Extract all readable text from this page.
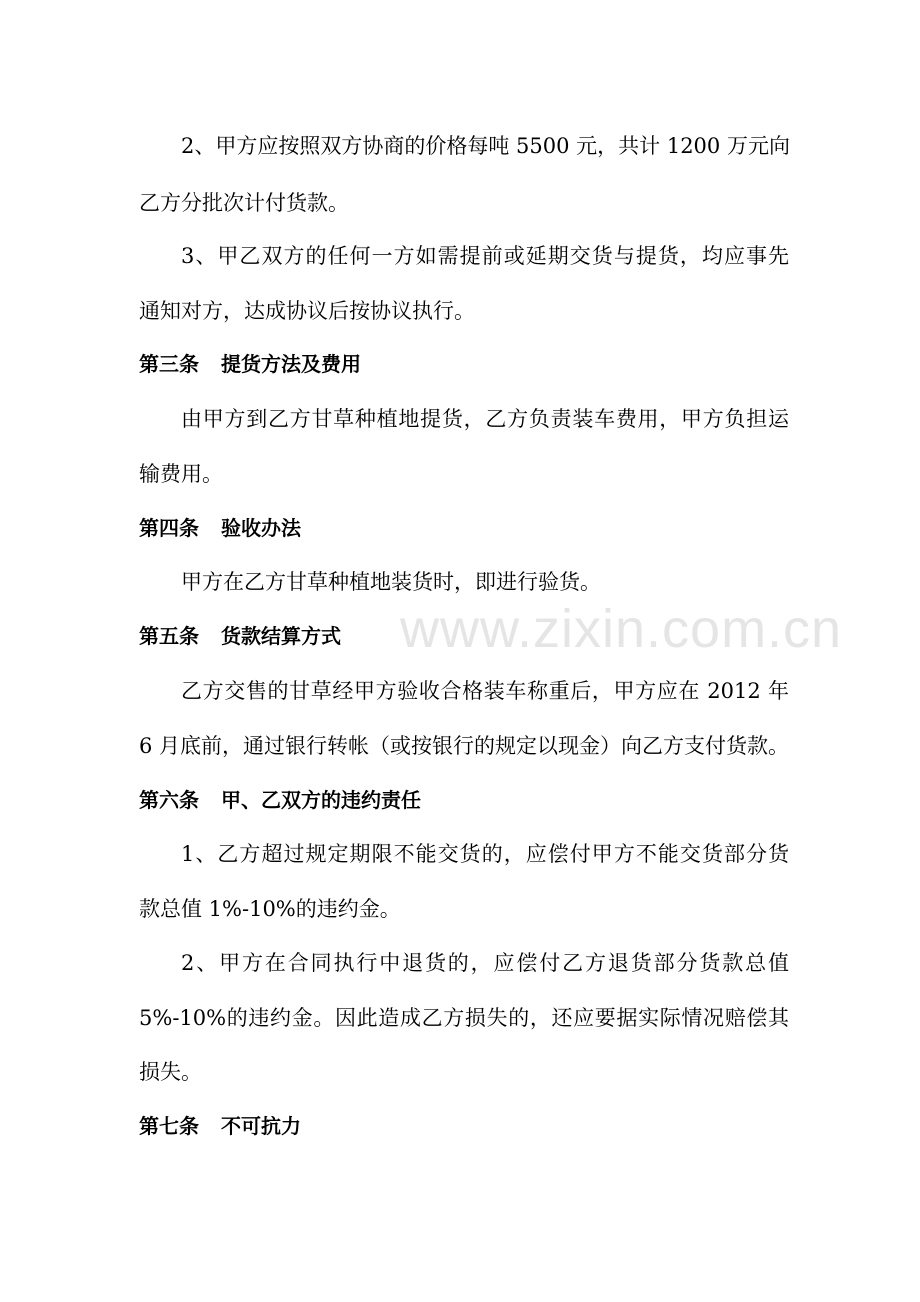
www.zixin.com.cn
2、甲方应按照双方协商的价格每吨 5500 元，共计 1200 万元向
乙方分批次计付货款。
3、甲乙双方的任何一方如需提前或延期交货与提货，均应事先
通知对方，达成协议后按协议执行。
第三条 提货方法及费用
由甲方到乙方甘草种植地提货，乙方负责装车费用，甲方负担运
输费用。
第四条 验收办法
甲方在乙方甘草种植地装货时，即进行验货。
第五条 货款结算方式
乙方交售的甘草经甲方验收合格装车称重后，甲方应在 2012 年
6 月底前，通过银行转帐（或按银行的规定以现金）向乙方支付货款。
第六条 甲、乙双方的违约责任
1、乙方超过规定期限不能交货的，应偿付甲方不能交货部分货
款总值 1%-10%的违约金。
2、甲方在合同执行中退货的，应偿付乙方退货部分货款总值
5%-10%的违约金。因此造成乙方损失的，还应要据实际情况赔偿其
损失。
第七条 不可抗力
